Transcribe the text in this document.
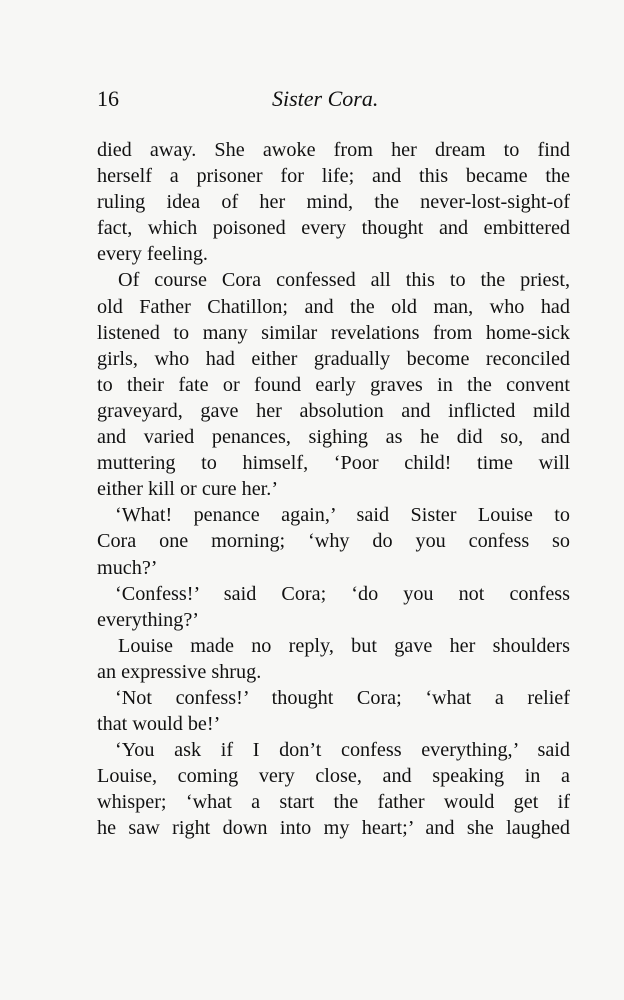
16	Sister Cora.
died away. She awoke from her dream to find
herself a prisoner for life; and this became the
ruling idea of her mind, the never-lost-sight-of
fact, which poisoned every thought and embittered
every feeling.
Of course Cora confessed all this to the priest,
old Father Chatillon; and the old man, who had
listened to many similar revelations from home-sick
girls, who had either gradually become reconciled
to their fate or found early graves in the convent
graveyard, gave her absolution and inflicted mild
and varied penances, sighing as he did so, and
muttering to himself, ‘Poor child! time will
either kill or cure her.’
‘What! penance again,’ said Sister Louise to
Cora one morning; ‘why do you confess so
much?’
‘Confess!’ said Cora; ‘do you not confess
everything?’
Louise made no reply, but gave her shoulders
an expressive shrug.
‘Not confess!’ thought Cora; ‘what a relief
that would be!’
‘You ask if I don’t confess everything,’ said
Louise, coming very close, and speaking in a
whisper; ‘what a start the father would get if
he saw right down into my heart;’ and she laughed
